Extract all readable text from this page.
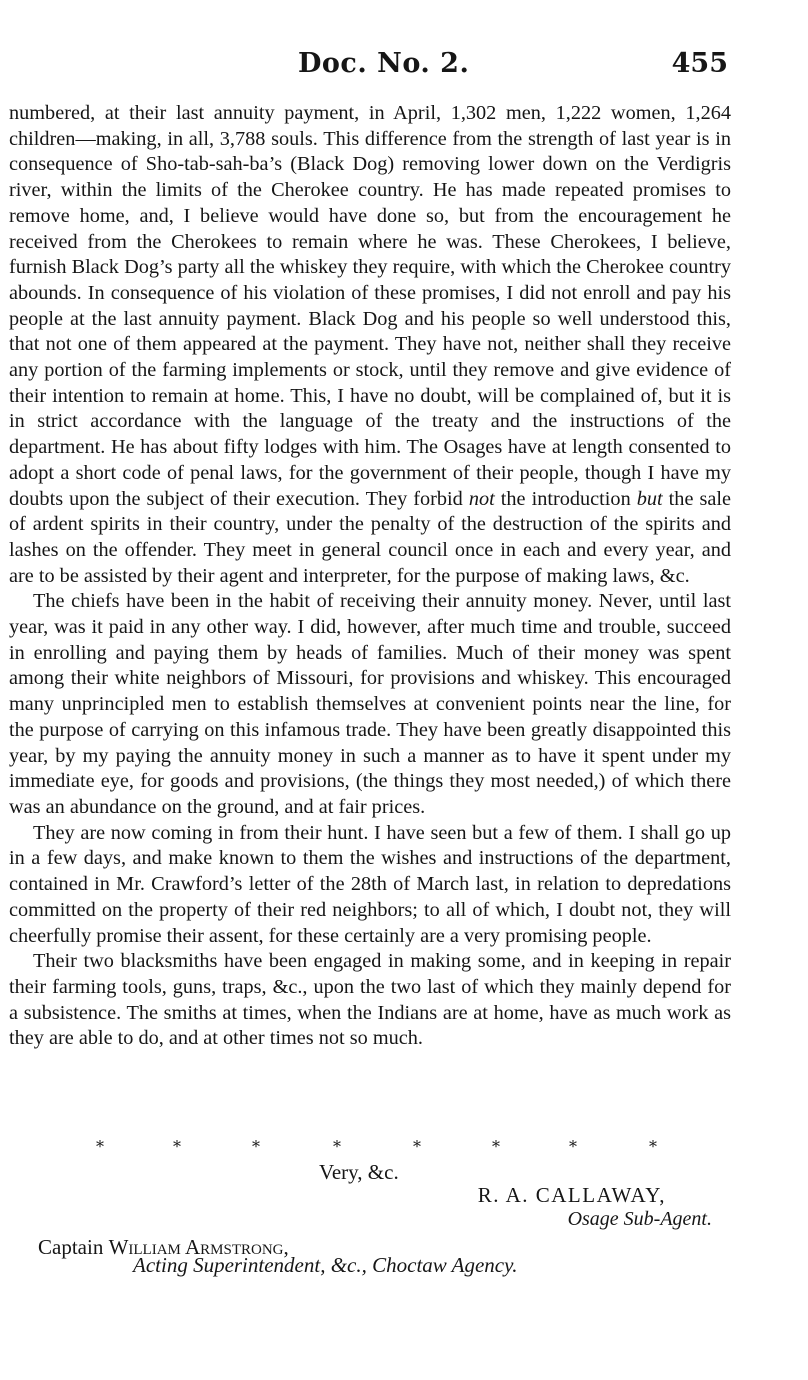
Doc. No. 2.	455

numbered, at their last annuity payment, in April, 1,302 men, 1,222 women, 1,264 children—making, in all, 3,788 souls. This difference from the strength of last year is in consequence of Sho-tab-sah-ba’s (Black Dog) removing lower down on the Verdigris river, within the limits of the Cherokee country. He has made repeated promises to remove home, and, I believe would have done so, but from the encouragement he received from the Cherokees to remain where he was. These Cherokees, I believe, furnish Black Dog’s party all the whiskey they require, with which the Cherokee country abounds. In consequence of his violation of these promises, I did not enroll and pay his people at the last annuity payment. Black Dog and his people so well understood this, that not one of them appeared at the payment. They have not, neither shall they receive any portion of the farming implements or stock, until they remove and give evidence of their intention to remain at home. This, I have no doubt, will be complained of, but it is in strict accordance with the language of the treaty and the instructions of the department. He has about fifty lodges with him. The Osages have at length consented to adopt a short code of penal laws, for the government of their people, though I have my doubts upon the subject of their execution. They forbid not the introduction but the sale of ardent spirits in their country, under the penalty of the destruction of the spirits and lashes on the offender. They meet in general council once in each and every year, and are to be assisted by their agent and interpreter, for the purpose of making laws, &c.

The chiefs have been in the habit of receiving their annuity money. Never, until last year, was it paid in any other way. I did, however, after much time and trouble, succeed in enrolling and paying them by heads of families. Much of their money was spent among their white neighbors of Missouri, for provisions and whiskey. This encouraged many unprincipled men to establish themselves at convenient points near the line, for the purpose of carrying on this infamous trade. They have been greatly disappointed this year, by my paying the annuity money in such a manner as to have it spent under my immediate eye, for goods and provisions, (the things they most needed,) of which there was an abundance on the ground, and at fair prices.

They are now coming in from their hunt. I have seen but a few of them. I shall go up in a few days, and make known to them the wishes and instructions of the department, contained in Mr. Crawford’s letter of the 28th of March last, in relation to depredations committed on the property of their red neighbors; to all of which, I doubt not, they will cheerfully promise their assent, for these certainly are a very promising people.

Their two blacksmiths have been engaged in making some, and in keeping in repair their farming tools, guns, traps, &c., upon the two last of which they mainly depend for a subsistence. The smiths at times, when the Indians are at home, have as much work as they are able to do, and at other times not so much.

*	*	*	*	*	*	*	*
Very, &c.
R. A. CALLAWAY,
Osage Sub-Agent.
Captain William Armstrong,
Acting Superintendent, &c., Choctaw Agency.
